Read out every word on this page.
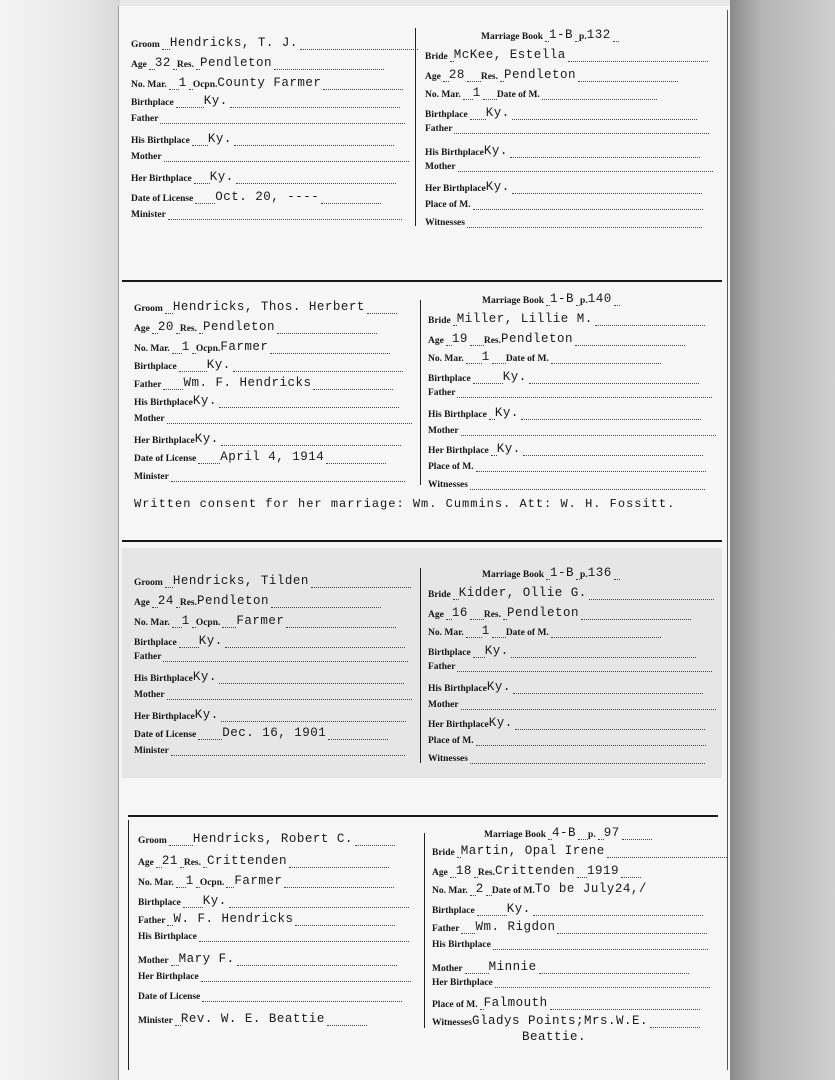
Groom Hendricks, T. J.
Age 32 Res. Pendleton
No. Mar. 1 Ocpn. County Farmer
Birthplace Ky.
Father
His Birthplace Ky.
Mother
Her Birthplace Ky.
Date of License Oct. 20, ----
Minister
Marriage Book 1-B p. 132
Bride McKee, Estella
Age 28 Res. Pendleton
No. Mar. 1 Date of M.
Birthplace Ky.
Father
His Birthplace Ky.
Mother
Her Birthplace Ky.
Place of M.
Witnesses
Groom Hendricks, Thos. Herbert
Age 20 Res. Pendleton
No. Mar. 1 Ocpn. Farmer
Birthplace Ky.
Father Wm. F. Hendricks
His Birthplace Ky.
Mother
Her Birthplace Ky.
Date of License April 4, 1914
Minister
Marriage Book 1-B p. 140
Bride Miller, Lillie M.
Age 19 Res. Pendleton
No. Mar. 1 Date of M.
Birthplace	Ky.
Father
His Birthplace Ky.
Mother
Her Birthplace Ky.
Place of M.
Witnesses
Written consent for her marriage: Wm. Cummins. Att: W. H. Fossitt.
Groom Hendricks, Tilden
Age 24 Res. Pendleton
No. Mar. 1 Ocpn. Farmer
Birthplace Ky.
Father
His Birthplace Ky.
Mother
Her Birthplace Ky.
Date of License Dec. 16, 1901
Minister
Marriage Book 1-B p. 136
Bride Kidder, Ollie G.
Age 16 Res. Pendleton
No. Mar. 1 Date of M.
Birthplace Ky.
Father
His Birthplace Ky.
Mother
Her Birthplace Ky.
Place of M.
Witnesses
Groom Hendricks, Robert C.
Age 21 Res. Crittenden
No. Mar. 1 Ocpn. Farmer
Birthplace Ky.
Father W. F. Hendricks
His Birthplace
Mother Mary F.
Her Birthplace
Date of License
Minister Rev. W. E. Beattie
Marriage Book 4-B p. 97
Bride Martin, Opal Irene
Age 18 Res. Crittenden 1919
No. Mar. 2 Date of M. To be July24,/
Birthplace	Ky.
Father Wm. Rigdon
His Birthplace
Mother Minnie
Her Birthplace
Place of M. Falmouth
Witnesses Gladys Points;Mrs.W.E.
Beattie.
